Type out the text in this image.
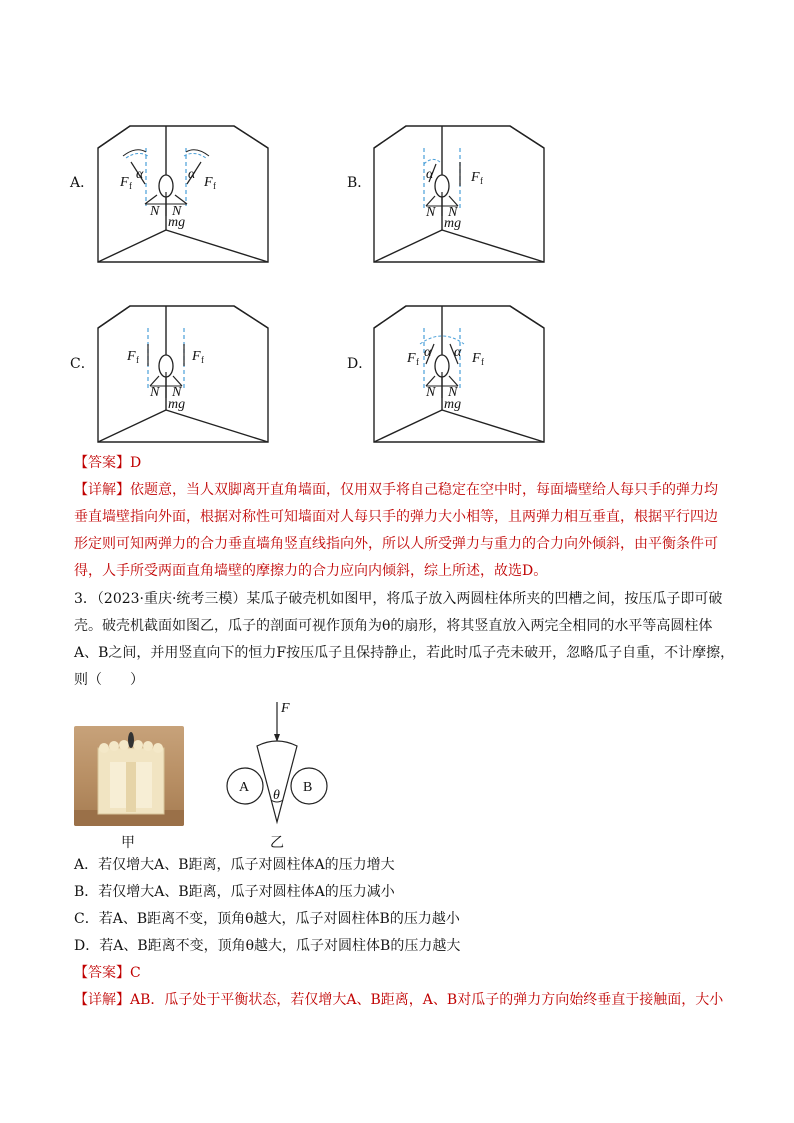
A．
α	α
F f	F f
N N
mg
B．
α	F f
N N
mg
C． F f	F f
N N
mg
D．
α α
F f	F f
N N
mg
【答案】D
【详解】依题意，当人双脚离开直角墙面，仅用双手将自己稳定在空中时，每面墙壁给人每只手的弹力均垂直墙壁指向外面，根据对称性可知墙面对人每只手的弹力大小相等，且两弹力相互垂直，根据平行四边形定则可知两弹力的合力垂直墙角竖直线指向外，所以人所受弹力与重力的合力向外倾斜，由平衡条件可得，人手所受两面直角墙壁的摩擦力的合力应向内倾斜，综上所述，故选D。
3．（2023·重庆·统考三模）某瓜子破壳机如图甲，将瓜子放入两圆柱体所夹的凹槽之间，按压瓜子即可破
壳。破壳机截面如图乙，瓜子的剖面可视作顶角为θ的扇形，将其竖直放入两完全相同的水平等高圆柱体
A、B之间，并用竖直向下的恒力F按压瓜子且保持静止，若此时瓜子壳未破开，忽略瓜子自重，不计摩擦，
则（　　）
甲
F
A	B
θ
乙
A．若仅增大A、B距离，瓜子对圆柱体A的压力增大
B．若仅增大A、B距离，瓜子对圆柱体A的压力减小
C．若A、B距离不变，顶角θ越大，瓜子对圆柱体B的压力越小
D．若A、B距离不变，顶角θ越大，瓜子对圆柱体B的压力越大
【答案】C
【详解】AB．瓜子处于平衡状态，若仅增大A、B距离，A、B对瓜子的弹力方向始终垂直于接触面，大小
